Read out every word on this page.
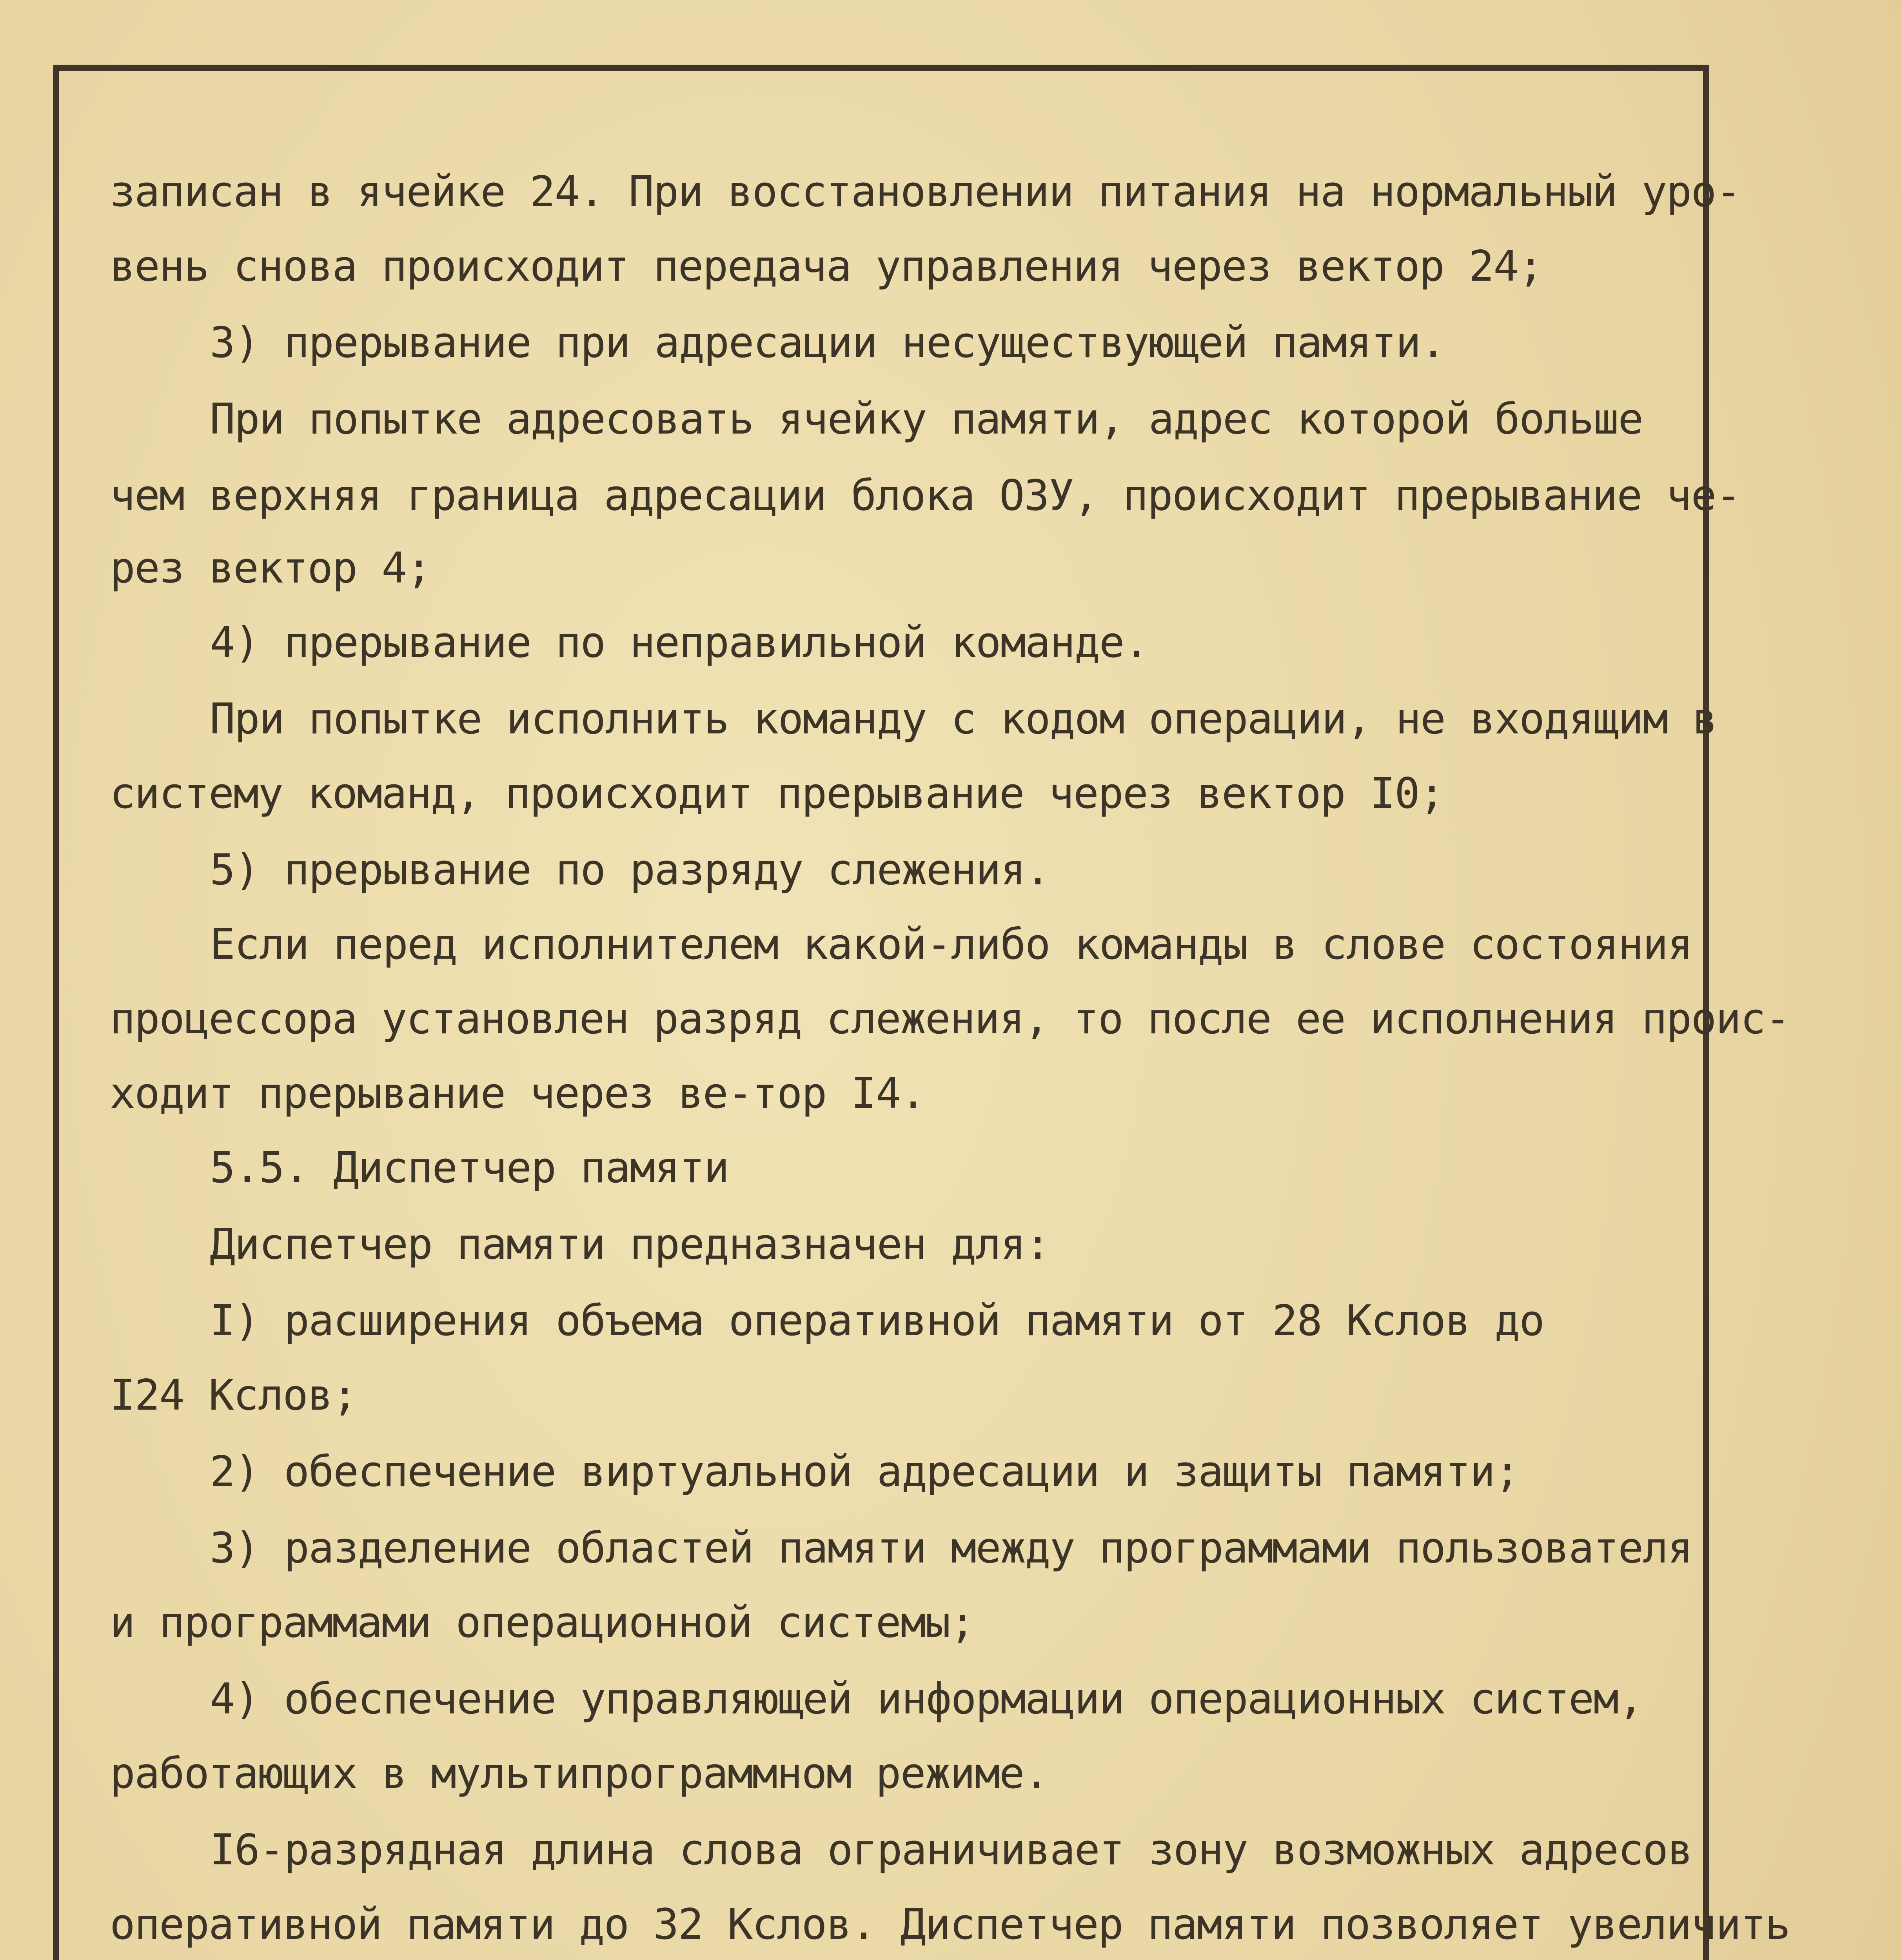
записан в ячейке 24. При восстановлении питания на нормальный уро-
вень снова происходит передача управления через вектор 24;
3) прерывание при адресации несуществующей памяти.
При попытке адресовать ячейку памяти, адрес которой больше
чем верхняя граница адресации блока ОЗУ, происходит прерывание че-
рез вектор 4;
4) прерывание по неправильной команде.
При попытке исполнить команду с кодом операции, не входящим в
систему команд, происходит прерывание через вектор I0;
5) прерывание по разряду слежения.
Если перед исполнителем какой-либо команды в слове состояния
процессора установлен разряд слежения, то после ее исполнения проис-
ходит прерывание через ве‐тор I4.
5.5. Диспетчер памяти
Диспетчер памяти предназначен для:
I) расширения объема оперативной памяти от 28 Кслов до
I24 Кслов;
2) обеспечение виртуальной адресации и защиты памяти;
3) разделение областей памяти между программами пользователя
и программами операционной системы;
4) обеспечение управляющей информации операционных систем,
работающих в мультипрограммном режиме.
I6-разрядная длина слова ограничивает зону возможных адресов
оперативной памяти до 32 Кслов. Диспетчер памяти позволяет увеличить
